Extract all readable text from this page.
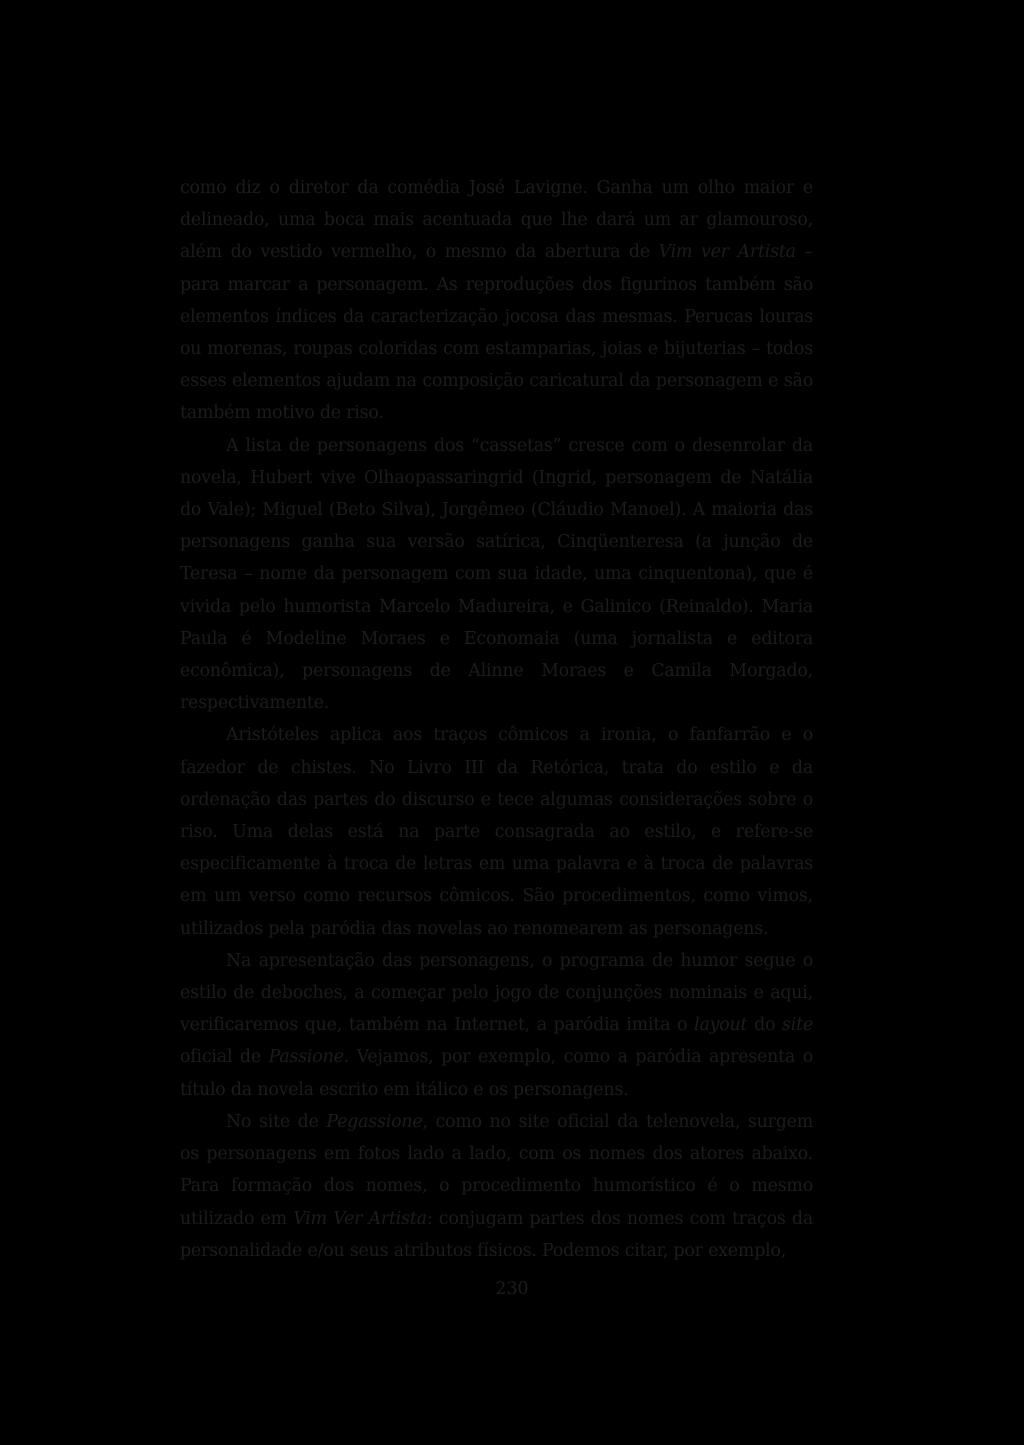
como diz o diretor da comédia José Lavigne. Ganha um olho maior e delineado, uma boca mais acentuada que lhe dará um ar glamouroso, além do vestido vermelho, o mesmo da abertura de Vim ver Artista – para marcar a personagem. As reproduções dos figurinos também são elementos índices da caracterização jocosa das mesmas. Perucas louras ou morenas, roupas coloridas com estamparias, joias e bijuterias – todos esses elementos ajudam na composição caricatural da personagem e são também motivo de riso.

A lista de personagens dos “cassetas” cresce com o desenrolar da novela, Hubert vive Olhaopassaringrid (Ingrid, personagem de Natália do Vale); Miguel (Beto Silva), Jorgêmeo (Cláudio Manoel). A maioria das personagens ganha sua versão satírica, Cinqüenteresa (a junção de Teresa – nome da personagem com sua idade, uma cinquentona), que é vivida pelo humorista Marcelo Madureira, e Galinico (Reinaldo). Maria Paula é Modeline Moraes e Economaia (uma jornalista e editora econômica), personagens de Alinne Moraes e Camila Morgado, respectivamente.

Aristóteles aplica aos traços cômicos a ironia, o fanfarrão e o fazedor de chistes. No Livro III da Retórica, trata do estilo e da ordenação das partes do discurso e tece algumas considerações sobre o riso. Uma delas está na parte consagrada ao estilo, e refere-se especificamente à troca de letras em uma palavra e à troca de palavras em um verso como recursos cômicos. São procedimentos, como vimos, utilizados pela paródia das novelas ao renomearem as personagens.

Na apresentação das personagens, o programa de humor segue o estilo de deboches, a começar pelo jogo de conjunções nominais e aqui, verificaremos que, também na Internet, a paródia imita o layout do site oficial de Passione. Vejamos, por exemplo, como a paródia apresenta o título da novela escrito em itálico e os personagens.

No site de Pegassione, como no site oficial da telenovela, surgem os personagens em fotos lado a lado, com os nomes dos atores abaixo. Para formação dos nomes, o procedimento humorístico é o mesmo utilizado em Vim Ver Artista: conjugam partes dos nomes com traços da personalidade e/ou seus atributos físicos. Podemos citar, por exemplo,

230
